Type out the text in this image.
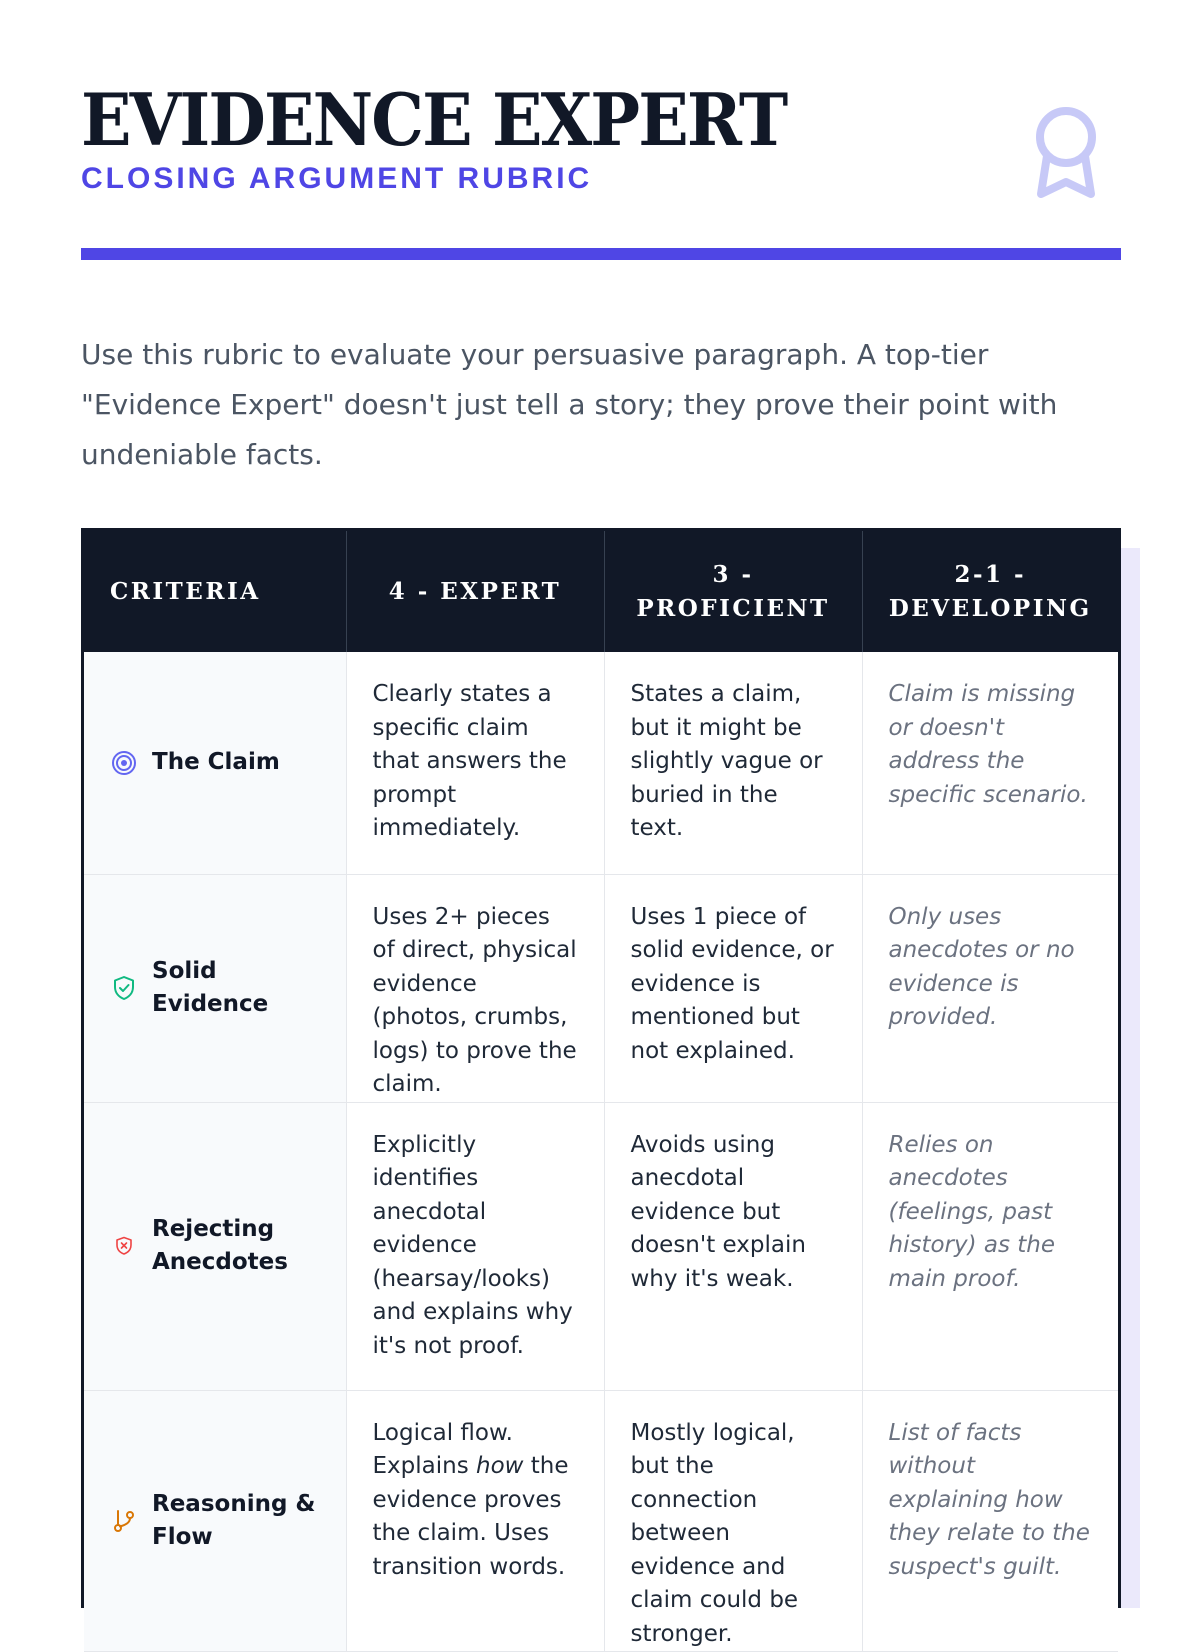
EVIDENCE EXPERT
CLOSING ARGUMENT RUBRIC

Use this rubric to evaluate your persuasive paragraph. A top-tier "Evidence Expert" doesn't just tell a story; they prove their point with undeniable facts.

CRITERIA	4 - EXPERT	3 - PROFICIENT	2-1 - DEVELOPING

The Claim	Clearly states a specific claim that answers the prompt immediately.	States a claim, but it might be slightly vague or buried in the text.	Claim is missing or doesn't address the specific scenario.

Solid Evidence	Uses 2+ pieces of direct, physical evidence (photos, crumbs, logs) to prove the claim.	Uses 1 piece of solid evidence, or evidence is mentioned but not explained.	Only uses anecdotes or no evidence is provided.

Rejecting Anecdotes	Explicitly identifies anecdotal evidence (hearsay/looks) and explains why it's not proof.	Avoids using anecdotal evidence but doesn't explain why it's weak.	Relies on anecdotes (feelings, past history) as the main proof.

Reasoning & Flow	Logical flow. Explains how the evidence proves the claim. Uses transition words.	Mostly logical, but the connection between evidence and claim could be stronger.	List of facts without explaining how they relate to the suspect's guilt.
